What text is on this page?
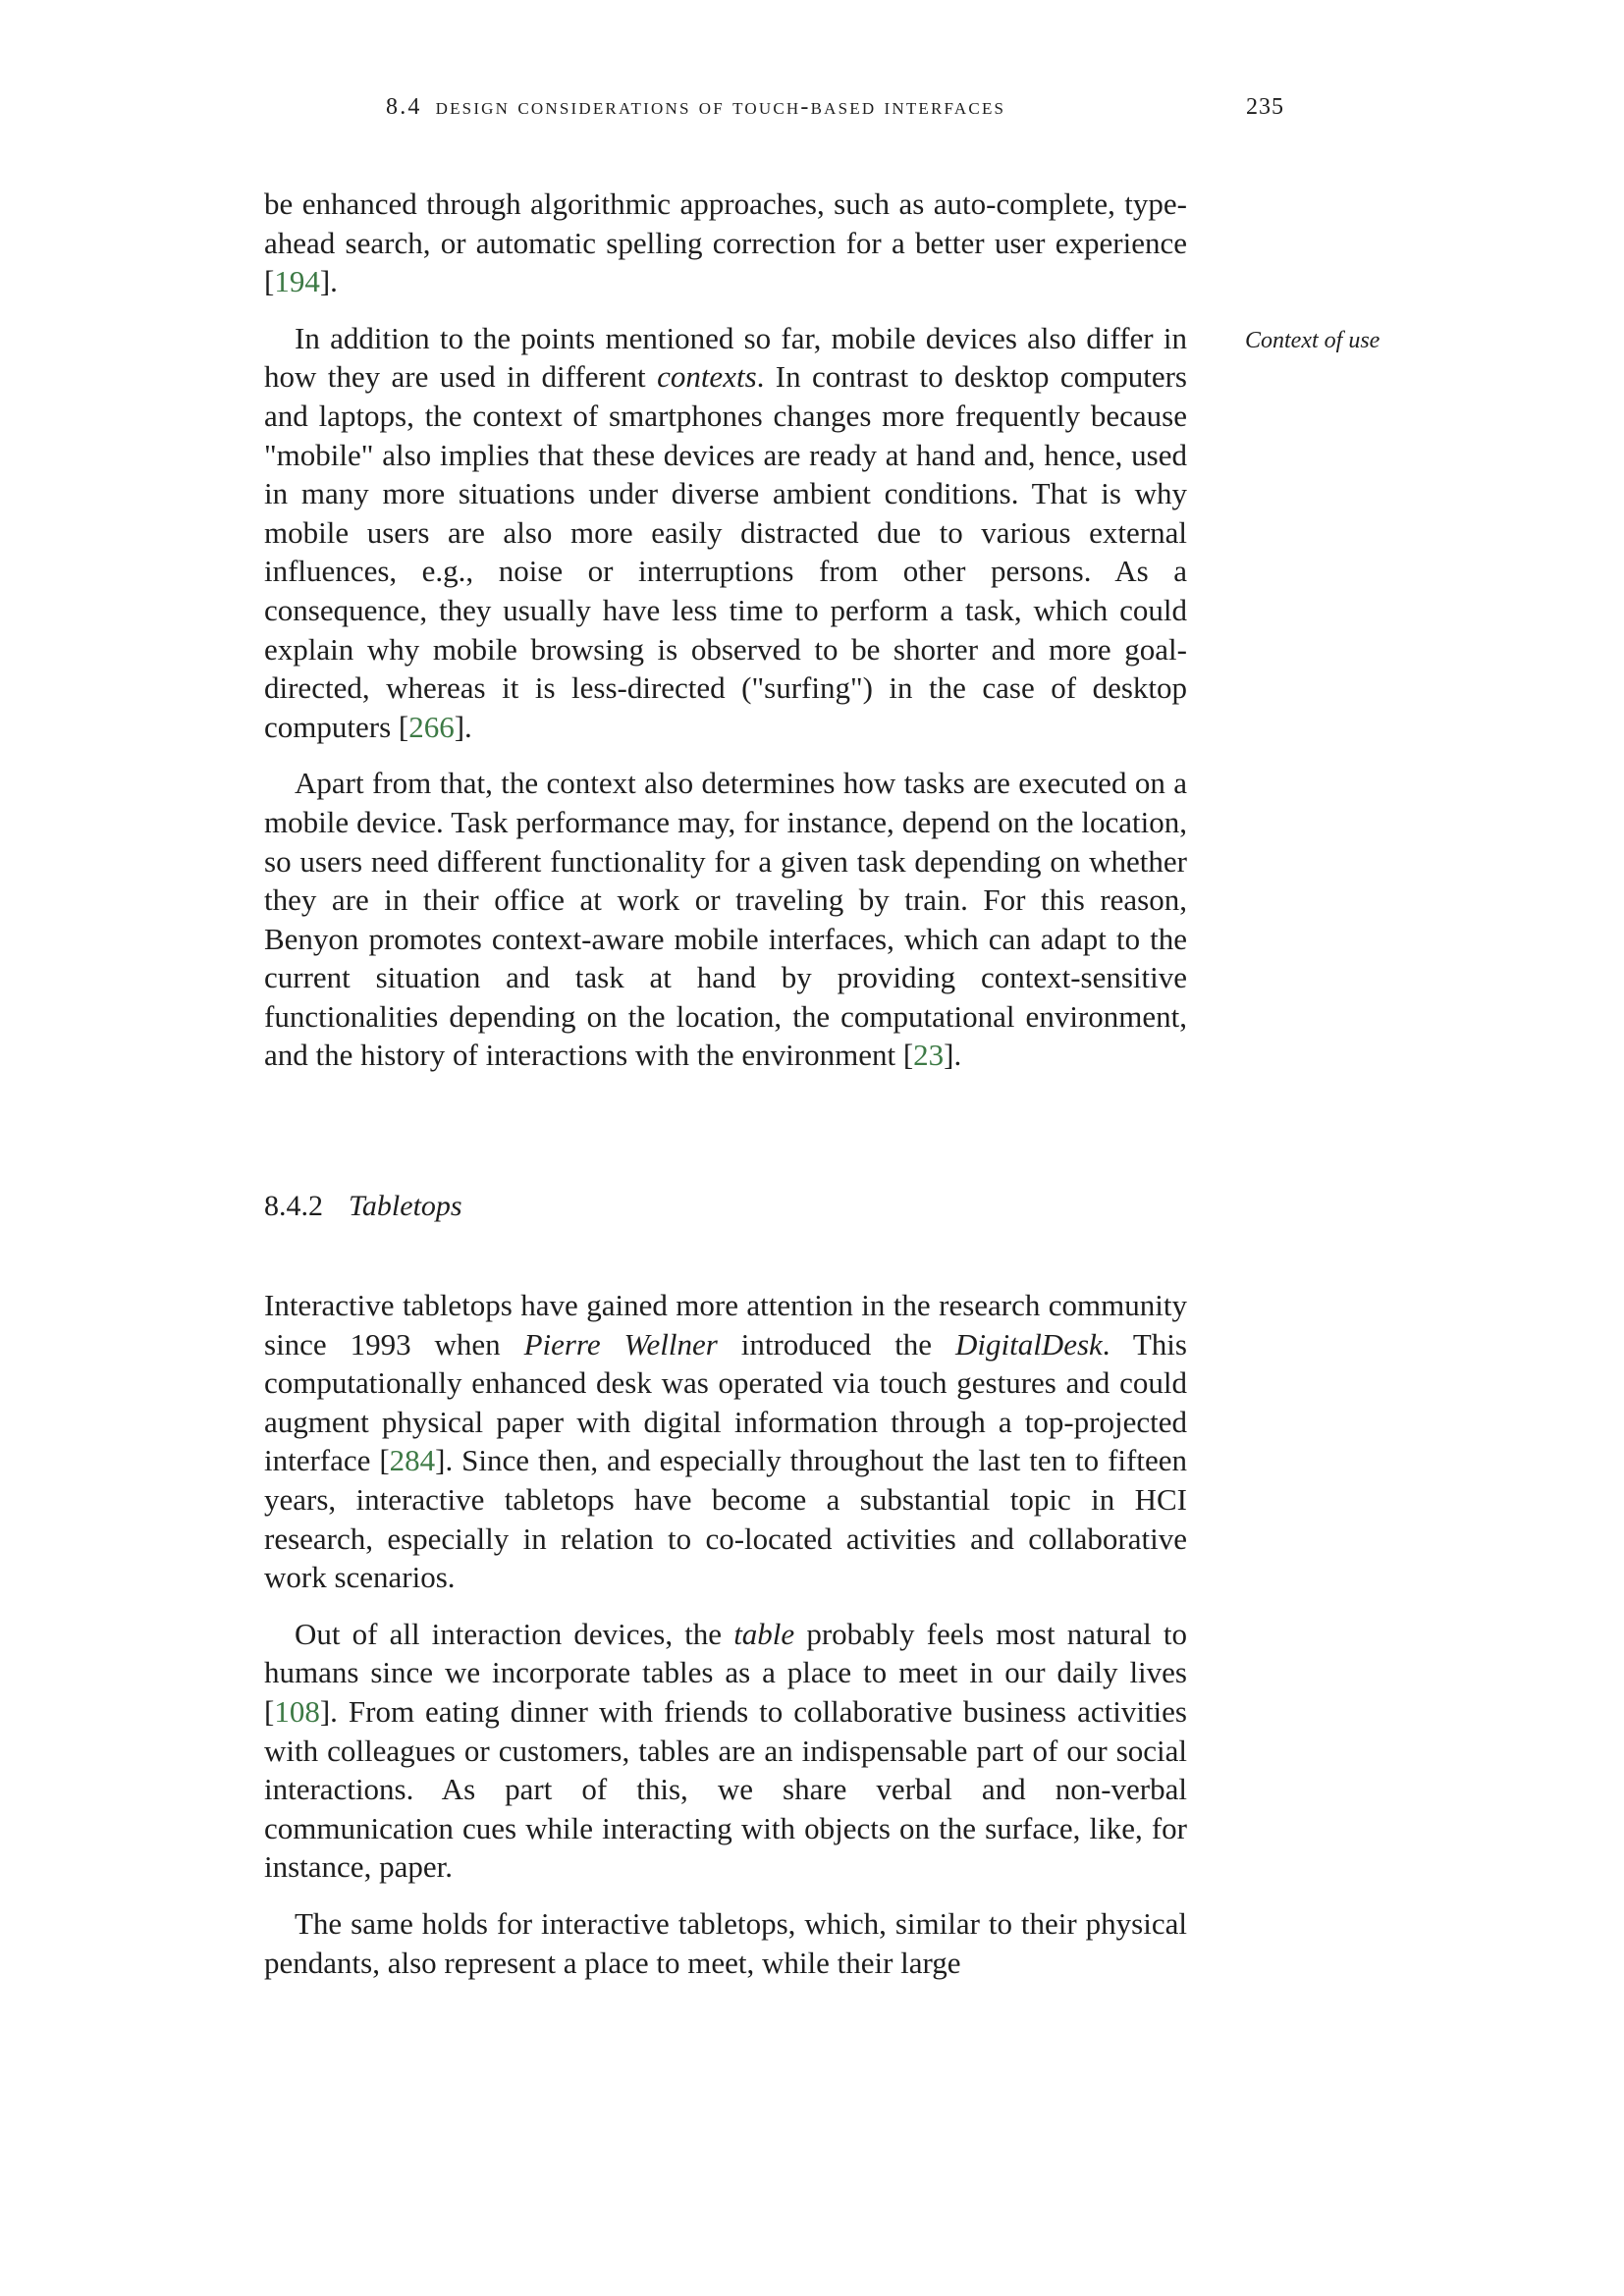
8.4 design considerations of touch-based interfaces	235
Context of use

be enhanced through algorithmic approaches, such as auto-complete, type-ahead search, or automatic spelling correction for a better user experience [194].

In addition to the points mentioned so far, mobile devices also differ in how they are used in different contexts. In contrast to desktop computers and laptops, the context of smartphones changes more frequently because "mobile" also implies that these devices are ready at hand and, hence, used in many more situations under diverse ambient conditions. That is why mobile users are also more easily distracted due to various external influences, e.g., noise or interruptions from other persons. As a consequence, they usually have less time to perform a task, which could explain why mobile browsing is observed to be shorter and more goal-directed, whereas it is less-directed ("surfing") in the case of desktop computers [266].

Apart from that, the context also determines how tasks are executed on a mobile device. Task performance may, for instance, depend on the location, so users need different functionality for a given task depending on whether they are in their office at work or traveling by train. For this reason, Benyon promotes context-aware mobile interfaces, which can adapt to the current situation and task at hand by providing context-sensitive functionalities depending on the location, the computational environment, and the history of interactions with the environment [23].

8.4.2 Tabletops

Interactive tabletops have gained more attention in the research community since 1993 when Pierre Wellner introduced the DigitalDesk. This computationally enhanced desk was operated via touch gestures and could augment physical paper with digital information through a top-projected interface [284]. Since then, and especially throughout the last ten to fifteen years, interactive tabletops have become a substantial topic in HCI research, especially in relation to co-located activities and collaborative work scenarios.

Out of all interaction devices, the table probably feels most natural to humans since we incorporate tables as a place to meet in our daily lives [108]. From eating dinner with friends to collaborative business activities with colleagues or customers, tables are an indispensable part of our social interactions. As part of this, we share verbal and non-verbal communication cues while interacting with objects on the surface, like, for instance, paper.

The same holds for interactive tabletops, which, similar to their physical pendants, also represent a place to meet, while their large
